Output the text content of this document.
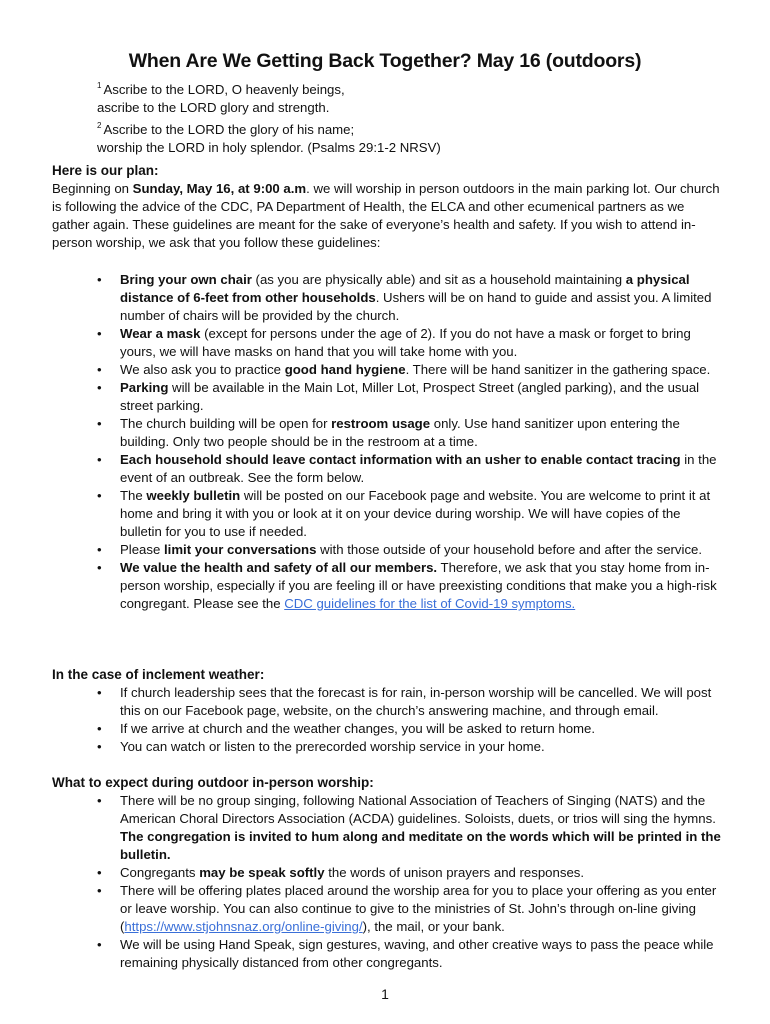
When Are We Getting Back Together? May 16 (outdoors)
$^1$ Ascribe to the LORD, O heavenly beings,
ascribe to the LORD glory and strength.
$^2$ Ascribe to the LORD the glory of his name;
worship the LORD in holy splendor. (Psalms 29:1-2 NRSV)
Here is our plan:

Beginning on Sunday, May 16, at 9:00 a.m. we will worship in person outdoors in the main parking lot. Our church is following the advice of the CDC, PA Department of Health, the ELCA and other ecumenical partners as we gather again. These guidelines are meant for the sake of everyone’s health and safety. If you wish to attend in-person worship, we ask that you follow these guidelines:

• Bring your own chair (as you are physically able) and sit as a household maintaining a physical distance of 6-feet from other households. Ushers will be on hand to guide and assist you. A limited number of chairs will be provided by the church.
• Wear a mask (except for persons under the age of 2). If you do not have a mask or forget to bring yours, we will have masks on hand that you will take home with you.
• We also ask you to practice good hand hygiene. There will be hand sanitizer in the gathering space.
• Parking will be available in the Main Lot, Miller Lot, Prospect Street (angled parking), and the usual street parking.
• The church building will be open for restroom usage only. Use hand sanitizer upon entering the building. Only two people should be in the restroom at a time.
• Each household should leave contact information with an usher to enable contact tracing in the event of an outbreak. See the form below.
• The weekly bulletin will be posted on our Facebook page and website. You are welcome to print it at home and bring it with you or look at it on your device during worship. We will have copies of the bulletin for you to use if needed.
• Please limit your conversations with those outside of your household before and after the service.
• We value the health and safety of all our members. Therefore, we ask that you stay home from in-person worship, especially if you are feeling ill or have preexisting conditions that make you a high-risk congregant. Please see the CDC guidelines for the list of Covid-19 symptoms.
In the case of inclement weather:
• If church leadership sees that the forecast is for rain, in-person worship will be cancelled. We will post this on our Facebook page, website, on the church’s answering machine, and through email.
• If we arrive at church and the weather changes, you will be asked to return home.
• You can watch or listen to the prerecorded worship service in your home.
What to expect during outdoor in-person worship:
• There will be no group singing, following National Association of Teachers of Singing (NATS) and the American Choral Directors Association (ACDA) guidelines. Soloists, duets, or trios will sing the hymns. The congregation is invited to hum along and meditate on the words which will be printed in the bulletin.
• Congregants may be speak softly the words of unison prayers and responses.
• There will be offering plates placed around the worship area for you to place your offering as you enter or leave worship. You can also continue to give to the ministries of St. John’s through on-line giving (https://www.stjohnsnaz.org/online-giving/), the mail, or your bank.
• We will be using Hand Speak, sign gestures, waving, and other creative ways to pass the peace while remaining physically distanced from other congregants.
1
